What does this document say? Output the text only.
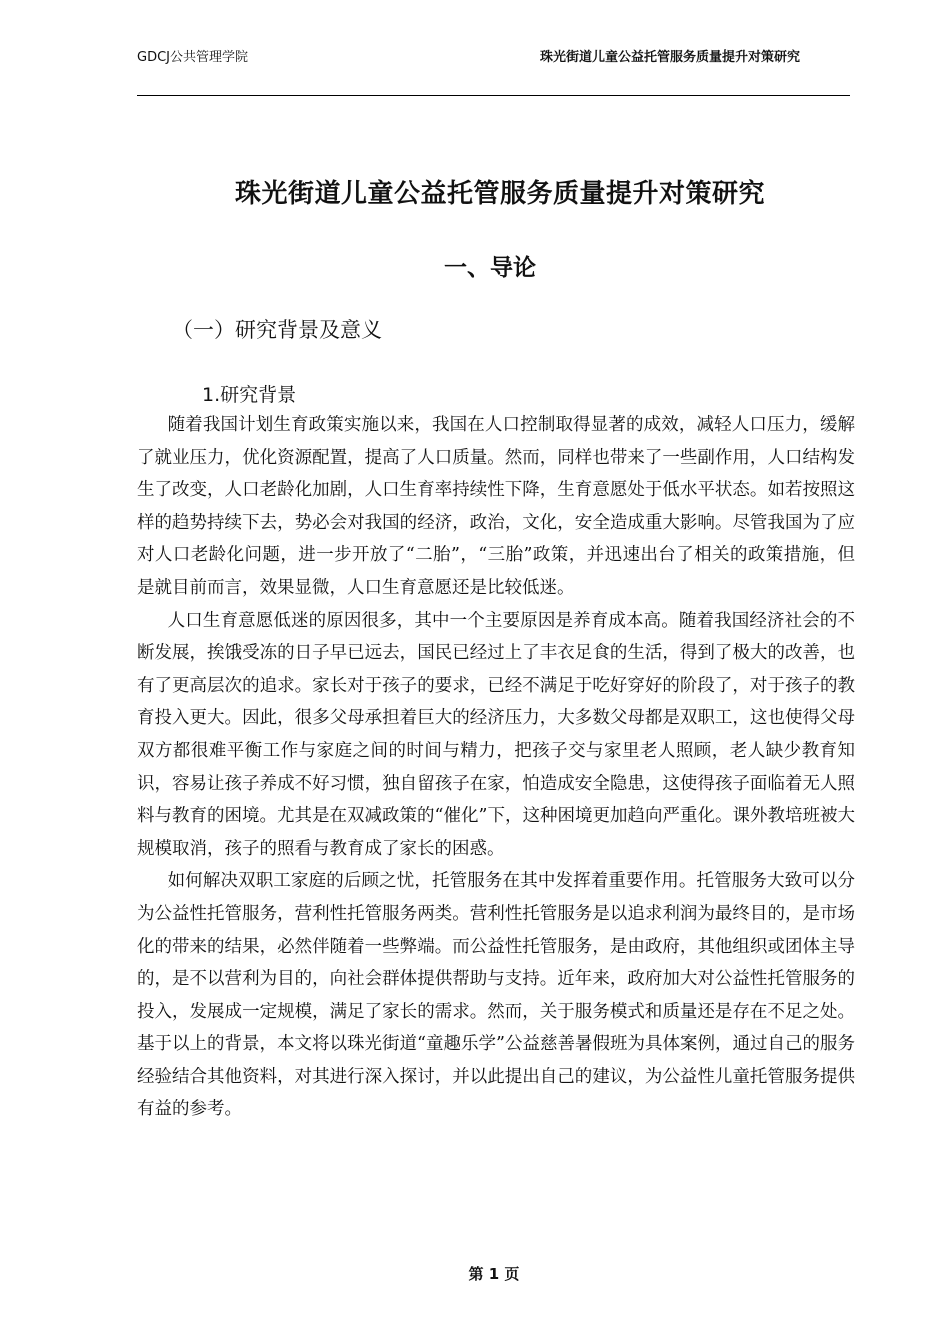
GDCJ公共管理学院	珠光街道儿童公益托管服务质量提升对策研究
珠光街道儿童公益托管服务质量提升对策研究
一、导论
（一）研究背景及意义
1.研究背景

随着我国计划生育政策实施以来，我国在人口控制取得显著的成效，减轻人口压力，缓解了就业压力，优化资源配置，提高了人口质量。然而，同样也带来了一些副作用，人口结构发生了改变，人口老龄化加剧，人口生育率持续性下降，生育意愿处于低水平状态。如若按照这样的趋势持续下去，势必会对我国的经济，政治，文化，安全造成重大影响。尽管我国为了应对人口老龄化问题，进一步开放了“二胎”，“三胎”政策，并迅速出台了相关的政策措施，但是就目前而言，效果显微，人口生育意愿还是比较低迷。

人口生育意愿低迷的原因很多，其中一个主要原因是养育成本高。随着我国经济社会的不断发展，挨饿受冻的日子早已远去，国民已经过上了丰衣足食的生活，得到了极大的改善，也有了更高层次的追求。家长对于孩子的要求，已经不满足于吃好穿好的阶段了，对于孩子的教育投入更大。因此，很多父母承担着巨大的经济压力，大多数父母都是双职工，这也使得父母双方都很难平衡工作与家庭之间的时间与精力，把孩子交与家里老人照顾，老人缺少教育知识，容易让孩子养成不好习惯，独自留孩子在家，怕造成安全隐患，这使得孩子面临着无人照料与教育的困境。尤其是在双减政策的“催化”下，这种困境更加趋向严重化。课外教培班被大规模取消，孩子的照看与教育成了家长的困惑。

如何解决双职工家庭的后顾之忧，托管服务在其中发挥着重要作用。托管服务大致可以分为公益性托管服务，营利性托管服务两类。营利性托管服务是以追求利润为最终目的，是市场化的带来的结果，必然伴随着一些弊端。而公益性托管服务，是由政府，其他组织或团体主导的，是不以营利为目的，向社会群体提供帮助与支持。近年来，政府加大对公益性托管服务的投入，发展成一定规模，满足了家长的需求。然而，关于服务模式和质量还是存在不足之处。基于以上的背景，本文将以珠光街道“童趣乐学”公益慈善暑假班为具体案例，通过自己的服务经验结合其他资料，对其进行深入探讨，并以此提出自己的建议，为公益性儿童托管服务提供有益的参考。

第 1 页
